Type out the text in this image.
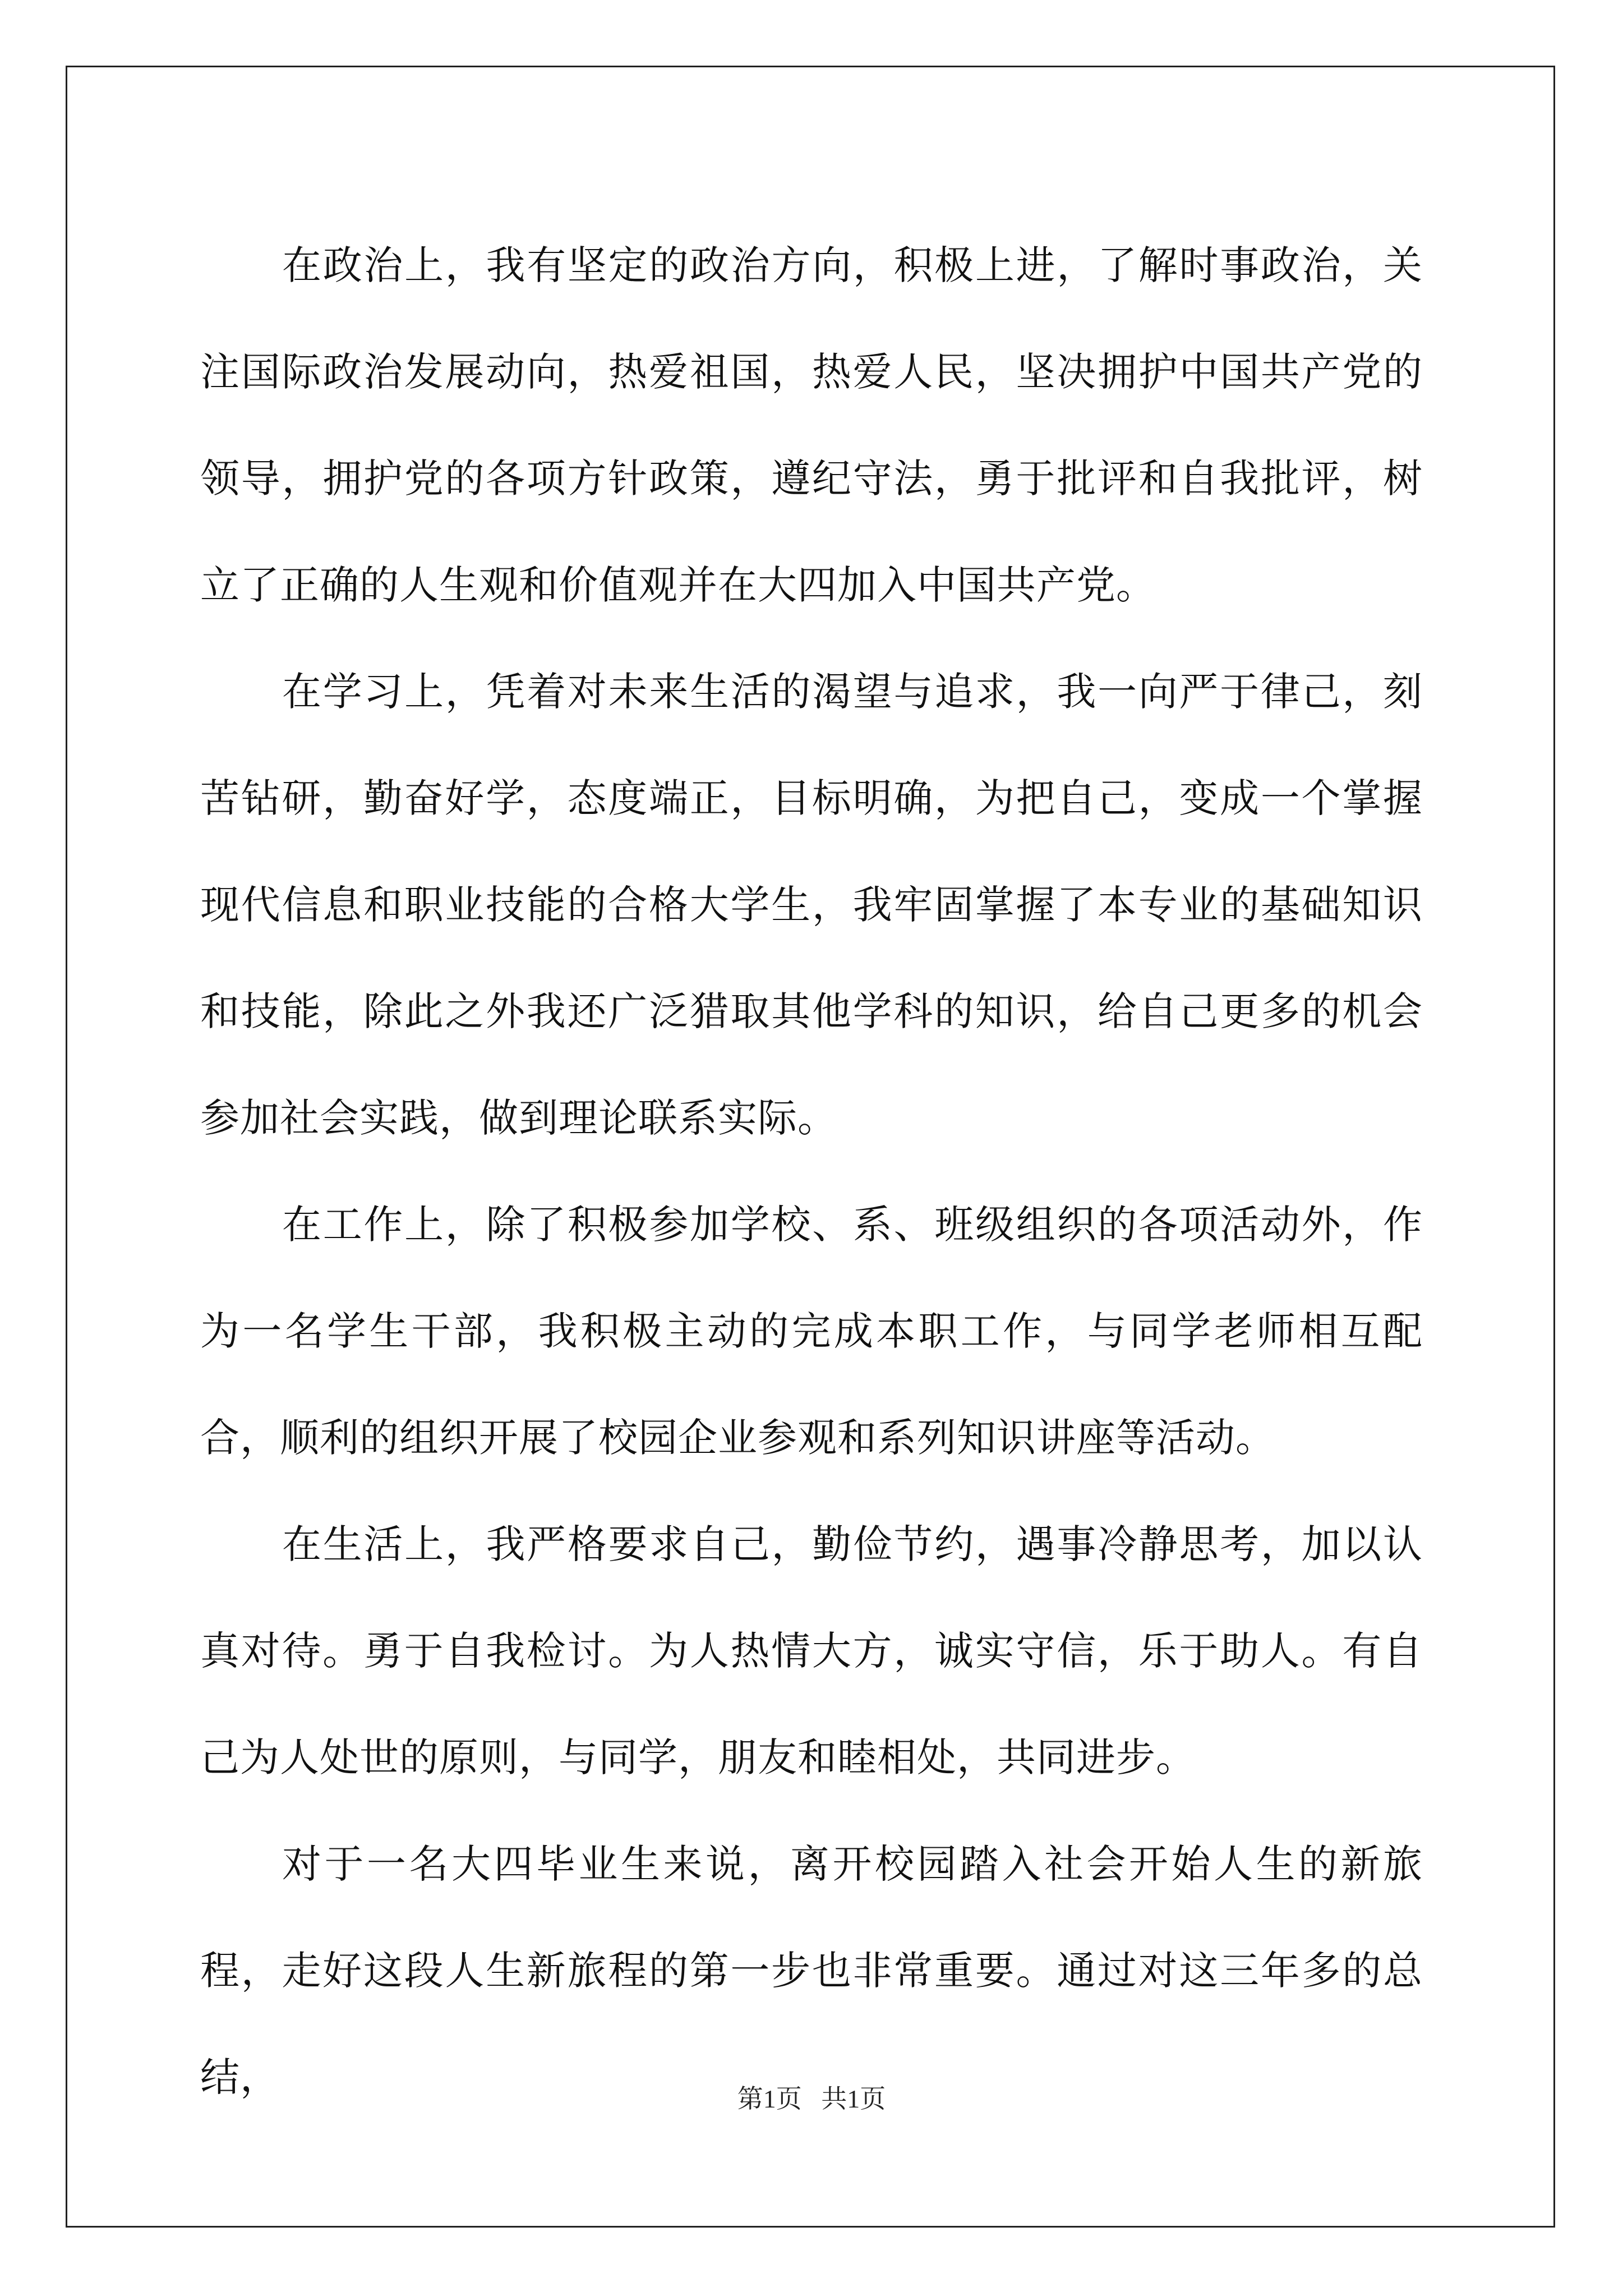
在政治上，我有坚定的政治方向，积极上进，了解时事政治，关注国际政治发展动向，热爱祖国，热爱人民，坚决拥护中国共产党的领导，拥护党的各项方针政策，遵纪守法，勇于批评和自我批评，树立了正确的人生观和价值观并在大四加入中国共产党。

在学习上，凭着对未来生活的渴望与追求，我一向严于律己，刻苦钻研，勤奋好学，态度端正，目标明确，为把自己，变成一个掌握现代信息和职业技能的合格大学生，我牢固掌握了本专业的基础知识和技能，除此之外我还广泛猎取其他学科的知识，给自己更多的机会参加社会实践，做到理论联系实际。

在工作上，除了积极参加学校、系、班级组织的各项活动外，作为一名学生干部，我积极主动的完成本职工作，与同学老师相互配合，顺利的组织开展了校园企业参观和系列知识讲座等活动。

在生活上，我严格要求自己，勤俭节约，遇事冷静思考，加以认真对待。勇于自我检讨。为人热情大方，诚实守信，乐于助人。有自己为人处世的原则，与同学，朋友和睦相处，共同进步。

对于一名大四毕业生来说，离开校园踏入社会开始人生的新旅程，走好这段人生新旅程的第一步也非常重要。通过对这三年多的总结，	第1页   共1页
